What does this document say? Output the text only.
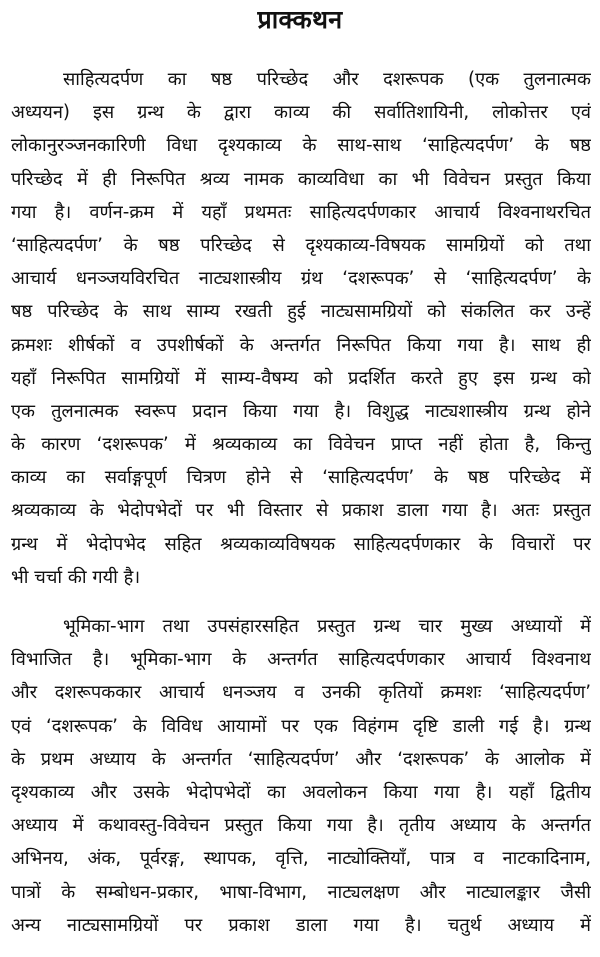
प्राक्कथन
साहित्यदर्पण का षष्ठ परिच्छेद और दशरूपक (एक तुलनात्मक
अध्ययन) इस ग्रन्थ के द्वारा काव्य की सर्वातिशायिनी, लोकोत्तर एवं
लोकानुरञ्जनकारिणी विधा दृश्यकाव्य के साथ-साथ ‘साहित्यदर्पण’ के षष्ठ
परिच्छेद में ही निरूपित श्रव्य नामक काव्यविधा का भी विवेचन प्रस्तुत किया
गया है। वर्णन-क्रम में यहाँ प्रथमतः साहित्यदर्पणकार आचार्य विश्वनाथरचित
‘साहित्यदर्पण’ के षष्ठ परिच्छेद से दृश्यकाव्य-विषयक सामग्रियों को तथा
आचार्य धनञ्जयविरचित नाट्यशास्त्रीय ग्रंथ ‘दशरूपक’ से ‘साहित्यदर्पण’ के
षष्ठ परिच्छेद के साथ साम्य रखती हुई नाट्यसामग्रियों को संकलित कर उन्हें
क्रमशः शीर्षकों व उपशीर्षकों के अन्तर्गत निरूपित किया गया है। साथ ही
यहाँ निरूपित सामग्रियों में साम्य-वैषम्य को प्रदर्शित करते हुए इस ग्रन्थ को
एक तुलनात्मक स्वरूप प्रदान किया गया है। विशुद्ध नाट्यशास्त्रीय ग्रन्थ होने
के कारण ‘दशरूपक’ में श्रव्यकाव्य का विवेचन प्राप्त नहीं होता है, किन्तु
काव्य का सर्वाङ्गपूर्ण चित्रण होने से ‘साहित्यदर्पण’ के षष्ठ परिच्छेद में
श्रव्यकाव्य के भेदोपभेदों पर भी विस्तार से प्रकाश डाला गया है। अतः प्रस्तुत
ग्रन्थ में भेदोपभेद सहित श्रव्यकाव्यविषयक साहित्यदर्पणकार के विचारों पर
भी चर्चा की गयी है।
भूमिका-भाग तथा उपसंहारसहित प्रस्तुत ग्रन्थ चार मुख्य अध्यायों में
विभाजित है। भूमिका-भाग के अन्तर्गत साहित्यदर्पणकार आचार्य विश्वनाथ
और दशरूपककार आचार्य धनञ्जय व उनकी कृतियों क्रमशः ‘साहित्यदर्पण’
एवं ‘दशरूपक’ के विविध आयामों पर एक विहंगम दृष्टि डाली गई है। ग्रन्थ
के प्रथम अध्याय के अन्तर्गत ‘साहित्यदर्पण’ और ‘दशरूपक’ के आलोक में
दृश्यकाव्य और उसके भेदोपभेदों का अवलोकन किया गया है। यहाँ द्वितीय
अध्याय में कथावस्तु-विवेचन प्रस्तुत किया गया है। तृतीय अध्याय के अन्तर्गत
अभिनय, अंक, पूर्वरङ्ग, स्थापक, वृत्ति, नाट्योक्तियाँ, पात्र व नाटकादिनाम,
पात्रों के सम्बोधन-प्रकार, भाषा-विभाग, नाट्यलक्षण और नाट्यालङ्कार जैसी
अन्य नाट्यसामग्रियों पर प्रकाश डाला गया है। चतुर्थ अध्याय में
